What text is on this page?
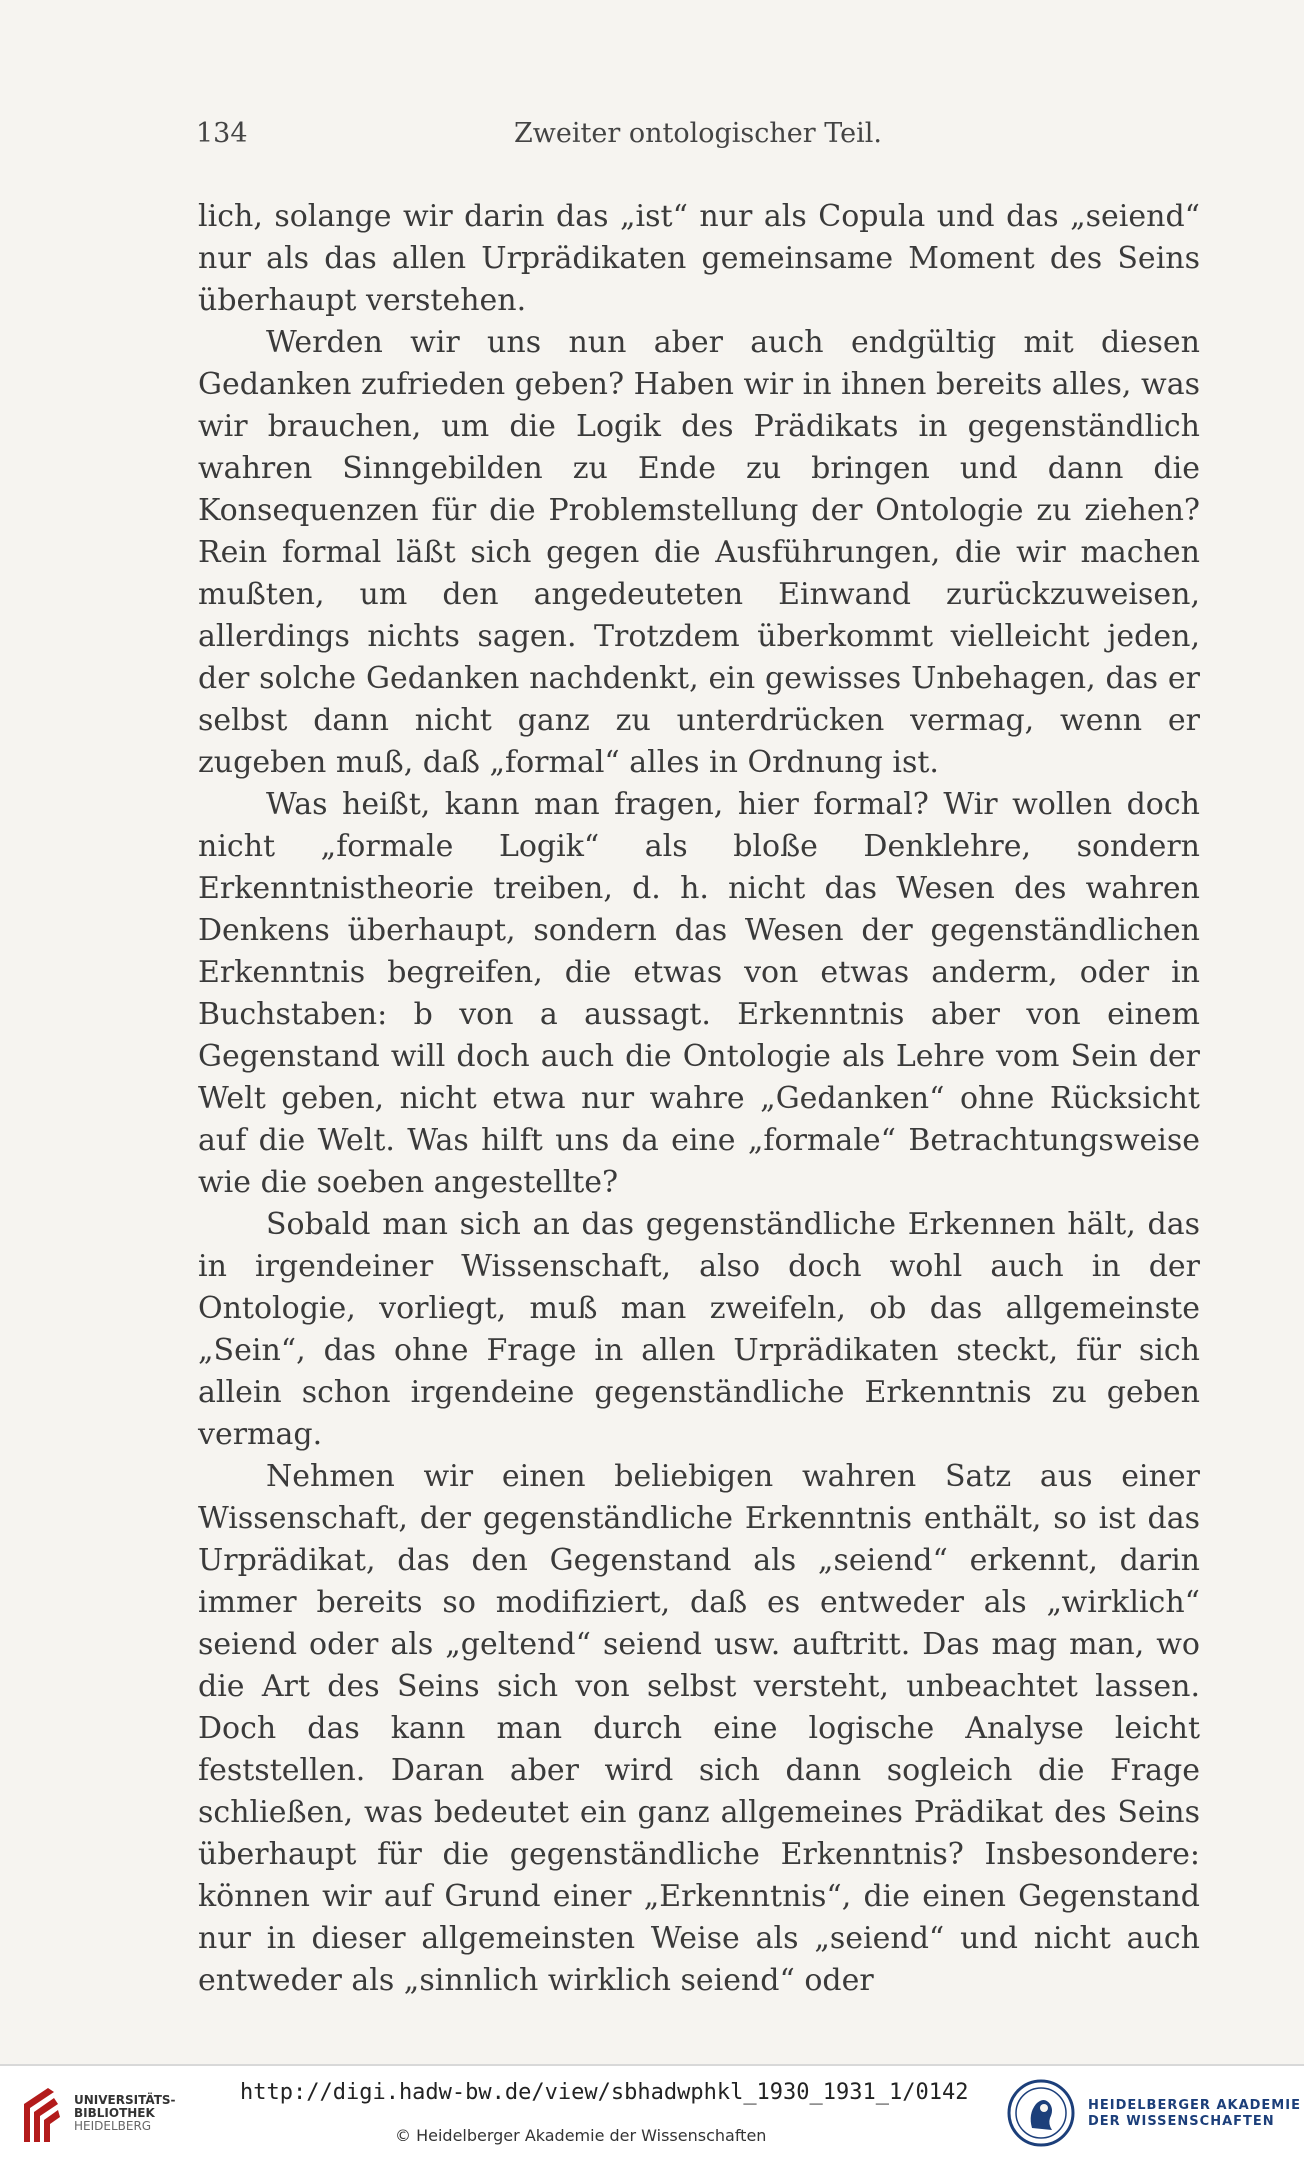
134	Zweiter ontologischer Teil.

lich, solange wir darin das „ist“ nur als Copula und das „seiend“ nur als das allen Urprädikaten gemeinsame Moment des Seins überhaupt verstehen.

Werden wir uns nun aber auch endgültig mit diesen Gedanken zufrieden geben? Haben wir in ihnen bereits alles, was wir brauchen, um die Logik des Prädikats in gegenständlich wahren Sinngebilden zu Ende zu bringen und dann die Konsequenzen für die Problemstellung der Ontologie zu ziehen? Rein formal läßt sich gegen die Ausführungen, die wir machen mußten, um den angedeuteten Einwand zurückzuweisen, allerdings nichts sagen. Trotzdem überkommt vielleicht jeden, der solche Gedanken nachdenkt, ein gewisses Unbehagen, das er selbst dann nicht ganz zu unterdrücken vermag, wenn er zugeben muß, daß „formal“ alles in Ordnung ist.

Was heißt, kann man fragen, hier formal? Wir wollen doch nicht „formale Logik“ als bloße Denklehre, sondern Erkenntnistheorie treiben, d. h. nicht das Wesen des wahren Denkens überhaupt, sondern das Wesen der gegenständlichen Erkenntnis begreifen, die etwas von etwas anderm, oder in Buchstaben: b von a aussagt. Erkenntnis aber von einem Gegenstand will doch auch die Ontologie als Lehre vom Sein der Welt geben, nicht etwa nur wahre „Gedanken“ ohne Rücksicht auf die Welt. Was hilft uns da eine „formale“ Betrachtungsweise wie die soeben angestellte?

Sobald man sich an das gegenständliche Erkennen hält, das in irgendeiner Wissenschaft, also doch wohl auch in der Ontologie, vorliegt, muß man zweifeln, ob das allgemeinste „Sein“, das ohne Frage in allen Urprädikaten steckt, für sich allein schon irgendeine gegenständliche Erkenntnis zu geben vermag.

Nehmen wir einen beliebigen wahren Satz aus einer Wissenschaft, der gegenständliche Erkenntnis enthält, so ist das Urprädikat, das den Gegenstand als „seiend“ erkennt, darin immer bereits so modifiziert, daß es entweder als „wirklich“ seiend oder als „geltend“ seiend usw. auftritt. Das mag man, wo die Art des Seins sich von selbst versteht, unbeachtet lassen. Doch das kann man durch eine logische Analyse leicht feststellen. Daran aber wird sich dann sogleich die Frage schließen, was bedeutet ein ganz allgemeines Prädikat des Seins überhaupt für die gegenständliche Erkenntnis? Insbesondere: können wir auf Grund einer „Erkenntnis“, die einen Gegenstand nur in dieser allgemeinsten Weise als „seiend“ und nicht auch entweder als „sinnlich wirklich seiend“ oder

UNIVERSITÄTS-
BIBLIOTHEK
HEIDELBERG
http://digi.hadw-bw.de/view/sbhadwphkl_1930_1931_1/0142
© Heidelberger Akademie der Wissenschaften
HEIDELBERGER AKADEMIE
DER WISSENSCHAFTEN
